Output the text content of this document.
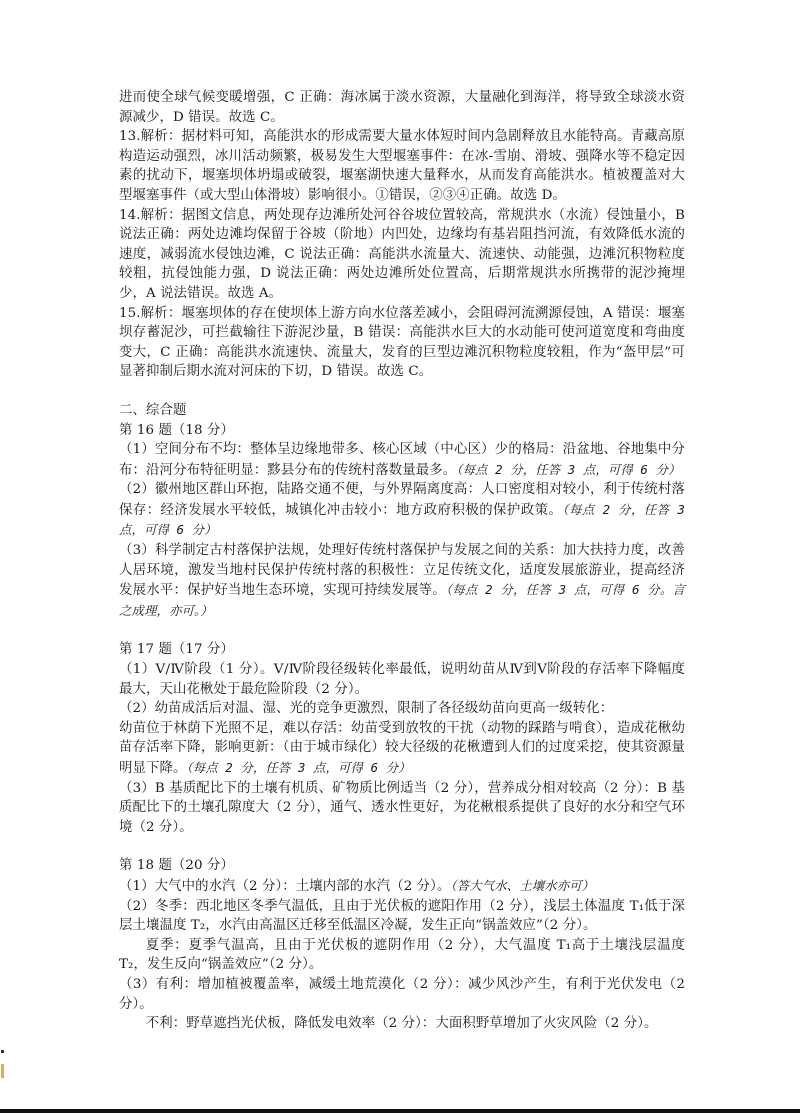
进而使全球气候变暖增强，C 正确：海冰属于淡水资源，大量融化到海洋，将导致全球淡水资源减少，D 错误。故选 C。

13.解析：据材料可知，高能洪水的形成需要大量水体短时间内急剧释放且水能特高。青藏高原构造运动强烈，冰川活动频繁，极易发生大型堰塞事件：在冰-雪崩、滑坡、强降水等不稳定因素的扰动下，堰塞坝体坍塌或破裂，堰塞湖快速大量释水，从而发育高能洪水。植被覆盖对大型堰塞事件（或大型山体滑坡）影响很小。①错误，②③④正确。故选 D。

14.解析：据图文信息，两处现存边滩所处河谷谷坡位置较高，常规洪水（水流）侵蚀量小，B 说法正确：两处边滩均保留于谷坡（阶地）内凹处，边缘均有基岩阻挡河流，有效降低水流的速度，减弱流水侵蚀边滩，C 说法正确：高能洪水流量大、流速快、动能强，边滩沉积物粒度较粗，抗侵蚀能力强，D 说法正确：两处边滩所处位置高，后期常规洪水所携带的泥沙掩埋少，A 说法错误。故选 A。

15.解析：堰塞坝体的存在使坝体上游方向水位落差减小，会阻碍河流溯源侵蚀，A 错误：堰塞坝存蓄泥沙，可拦截输往下游泥沙量，B 错误：高能洪水巨大的水动能可使河道宽度和弯曲度变大，C 正确：高能洪水流速快、流量大，发育的巨型边滩沉积物粒度较粗，作为“盔甲层”可显著抑制后期水流对河床的下切，D 错误。故选 C。

二、综合题

第 16 题（18 分）

（1）空间分布不均：整体呈边缘地带多、核心区域（中心区）少的格局：沿盆地、谷地集中分布：沿河分布特征明显：黟县分布的传统村落数量最多。（每点 2 分，任答 3 点，可得 6 分）

（2）徽州地区群山环抱，陆路交通不便，与外界隔离度高：人口密度相对较小，利于传统村落保存：经济发展水平较低，城镇化冲击较小：地方政府积极的保护政策。（每点 2 分，任答 3 点，可得 6 分）

（3）科学制定古村落保护法规，处理好传统村落保护与发展之间的关系：加大扶持力度，改善人居环境，激发当地村民保护传统村落的积极性：立足传统文化，适度发展旅游业，提高经济发展水平：保护好当地生态环境，实现可持续发展等。（每点 2 分，任答 3 点，可得 6 分。言之成理，亦可。）

第 17 题（17 分）

（1）Ⅴ/Ⅳ阶段（1 分）。Ⅴ/Ⅳ阶段径级转化率最低，说明幼苗从Ⅳ到Ⅴ阶段的存活率下降幅度最大，天山花楸处于最危险阶段（2 分）。

（2）幼苗成活后对温、湿、光的竞争更激烈，限制了各径级幼苗向更高一级转化：

幼苗位于林荫下光照不足，难以存活：幼苗受到放牧的干扰（动物的踩踏与啃食），造成花楸幼苗存活率下降，影响更新：（由于城市绿化）较大径级的花楸遭到人们的过度采挖，使其资源量明显下降。（每点 2 分，任答 3 点，可得 6 分）

（3）B 基质配比下的土壤有机质、矿物质比例适当（2 分），营养成分相对较高（2 分）：B 基质配比下的土壤孔隙度大（2 分），通气、透水性更好，为花楸根系提供了良好的水分和空气环境（2 分）。

第 18 题（20 分）

（1）大气中的水汽（2 分）：土壤内部的水汽（2 分）。（答大气水、土壤水亦可）

（2）冬季：西北地区冬季气温低，且由于光伏板的遮阳作用（2 分），浅层土体温度 T₁低于深层土壤温度 T₂，水汽由高温区迁移至低温区冷凝，发生正向“锅盖效应”（2 分）。

夏季：夏季气温高，且由于光伏板的遮阴作用（2 分），大气温度 T₁高于土壤浅层温度 T₂，发生反向“锅盖效应”（2 分）。

（3）有利：增加植被覆盖率，减缓土地荒漠化（2 分）：减少风沙产生，有利于光伏发电（2 分）。

不利：野草遮挡光伏板，降低发电效率（2 分）：大面积野草增加了火灾风险（2 分）。
